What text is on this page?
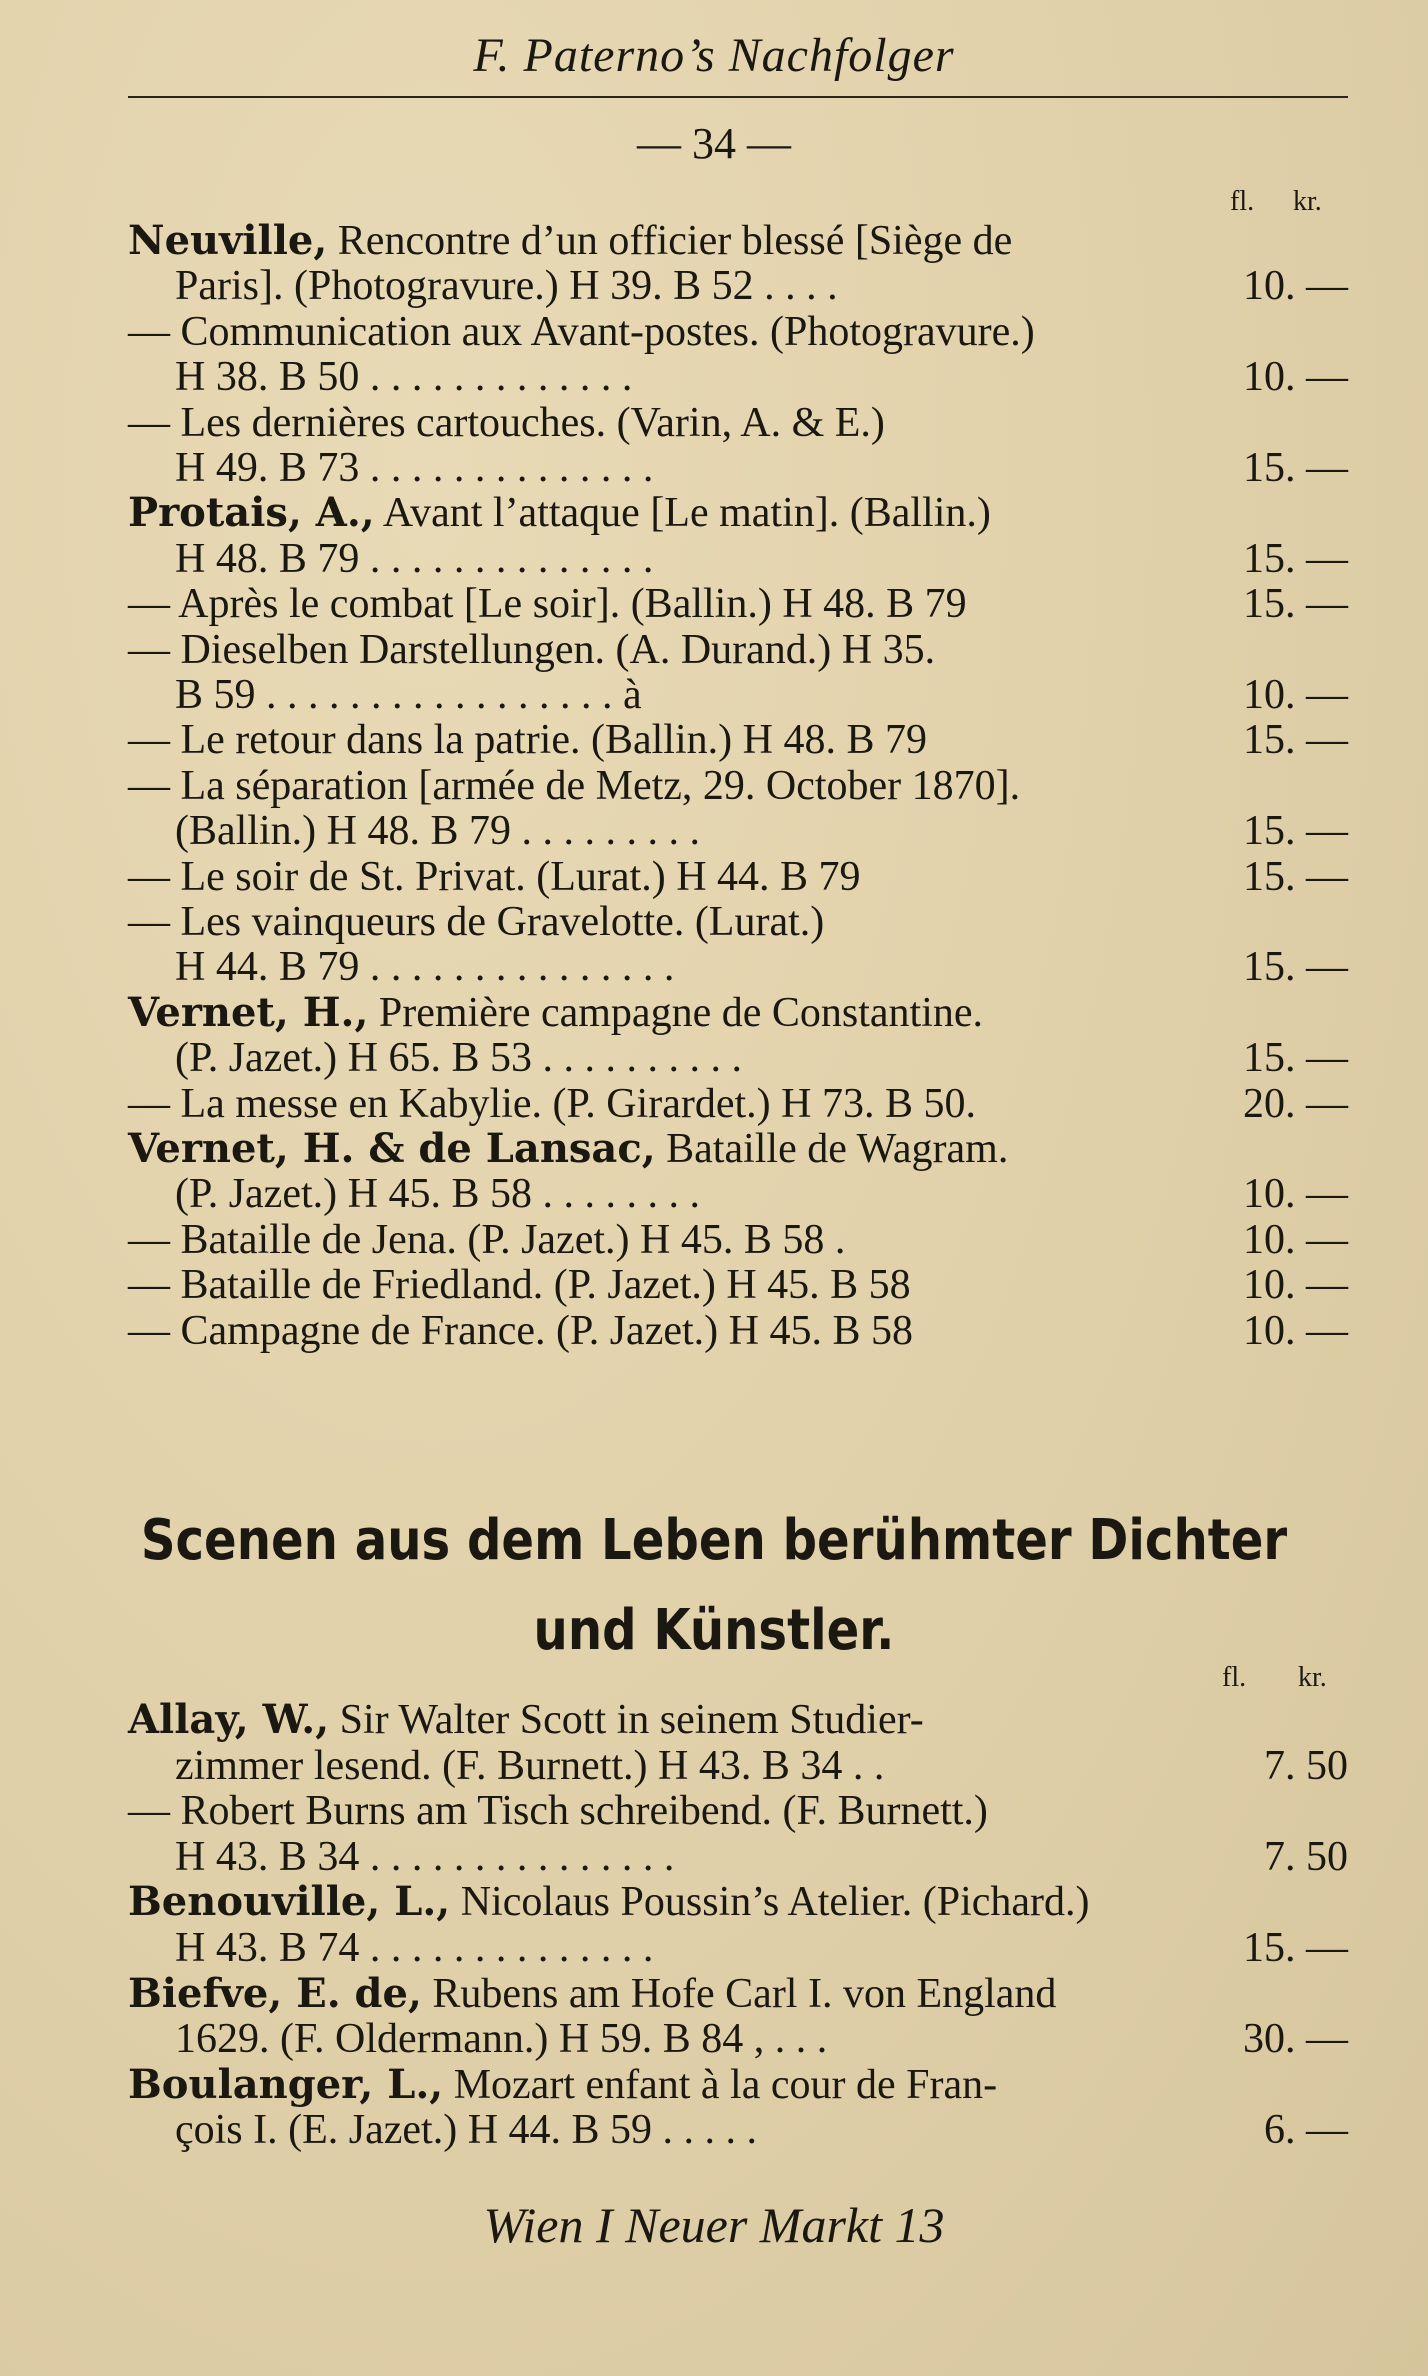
F. Paterno’s Nachfolger
— 34 —
fl. kr.
Neuville, Rencontre d’un officier blessé [Siège de
Paris]. (Photogravure.) H 39. B 52 . . . .	10. —
— Communication aux Avant-postes. (Photogravure.)
H 38. B 50 . . . . . . . . . . . . .	10. —
— Les dernières cartouches. (Varin, A. & E.)
H 49. B 73 . . . . . . . . . . . . . .	15. —
Protais, A., Avant l’attaque [Le matin]. (Ballin.)
H 48. B 79 . . . . . . . . . . . . . .	15. —
— Après le combat [Le soir]. (Ballin.) H 48. B 79	15. —
— Dieselben Darstellungen. (A. Durand.) H 35.
B 59 . . . . . . . . . . . . . . . . . à	10. —
— Le retour dans la patrie. (Ballin.) H 48. B 79	15. —
— La séparation [armée de Metz, 29. October 1870].
(Ballin.) H 48. B 79 . . . . . . . . .	15. —
— Le soir de St. Privat. (Lurat.) H 44. B 79	15. —
— Les vainqueurs de Gravelotte. (Lurat.)
H 44. B 79 . . . . . . . . . . . . . . .	15. —
Vernet, H., Première campagne de Constantine.
(P. Jazet.) H 65. B 53 . . . . . . . . . .	15. —
— La messe en Kabylie. (P. Girardet.) H 73. B 50.	20. —
Vernet, H. & de Lansac, Bataille de Wagram.
(P. Jazet.) H 45. B 58 . . . . . . . .	10. —
— Bataille de Jena. (P. Jazet.) H 45. B 58 .	10. —
— Bataille de Friedland. (P. Jazet.) H 45. B 58	10. —
— Campagne de France. (P. Jazet.) H 45. B 58	10. —
Scenen aus dem Leben berühmter Dichter
und Künstler.
fl. kr.
Allay, W., Sir Walter Scott in seinem Studier-
zimmer lesend. (F. Burnett.) H 43. B 34 . .	7. 50
— Robert Burns am Tisch schreibend. (F. Burnett.)
H 43. B 34 . . . . . . . . . . . . . . .	7. 50
Benouville, L., Nicolaus Poussin’s Atelier. (Pichard.)
H 43. B 74 . . . . . . . . . . . . . .	15. —
Biefve, E. de, Rubens am Hofe Carl I. von England
1629. (F. Oldermann.) H 59. B 84 , . . .	30. —
Boulanger, L., Mozart enfant à la cour de Fran-
çois I. (E. Jazet.) H 44. B 59 . . . . .	6. —
Wien I Neuer Markt 13
